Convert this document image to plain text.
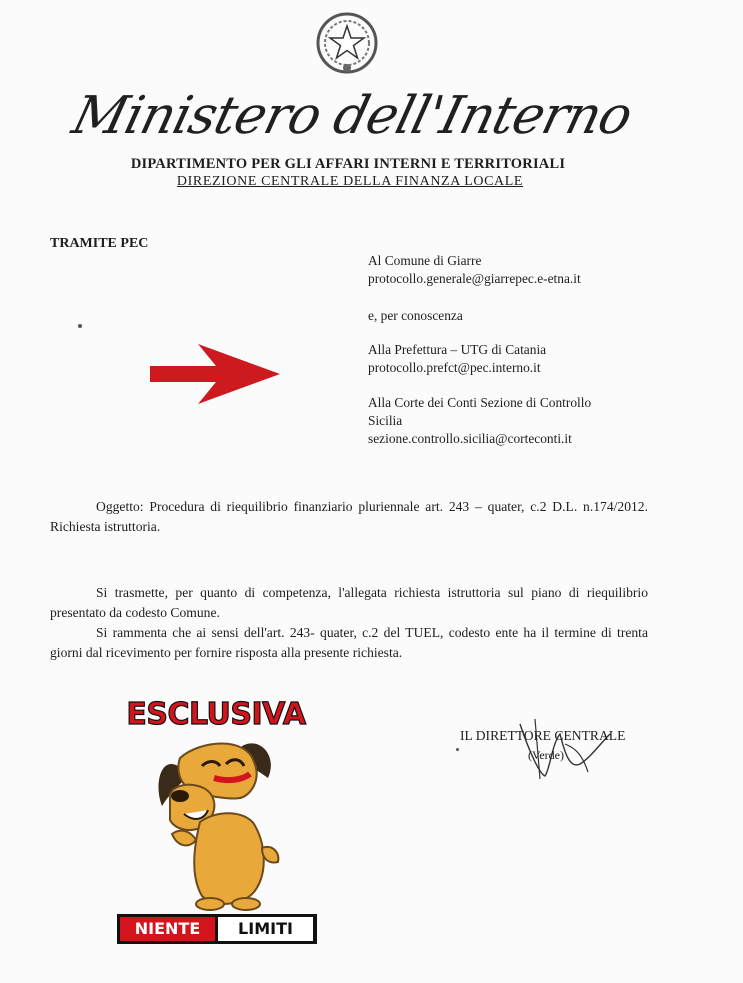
Ministero dell'Interno
DIPARTIMENTO PER GLI AFFARI INTERNI E TERRITORIALI
DIREZIONE CENTRALE DELLA FINANZA LOCALE
TRAMITE PEC
Al Comune di Giarre
protocollo.generale@giarrepec.e-etna.it
e, per conoscenza
Alla Prefettura – UTG di Catania
protocollo.prefct@pec.interno.it
Alla Corte dei Conti Sezione di Controllo
Sicilia
sezione.controllo.sicilia@corteconti.it
Oggetto: Procedura di riequilibrio finanziario pluriennale art. 243 – quater, c.2 D.L. n.174/2012. Richiesta istruttoria.
Si trasmette, per quanto di competenza, l'allegata richiesta istruttoria sul piano di riequilibrio presentato da codesto Comune.
Si rammenta che ai sensi dell'art. 243- quater, c.2 del TUEL, codesto ente ha il termine di trenta giorni dal ricevimento per fornire risposta alla presente richiesta.
IL DIRETTORE CENTRALE
(Verde)
ESCLUSIVA
NIENTE	LIMITI
